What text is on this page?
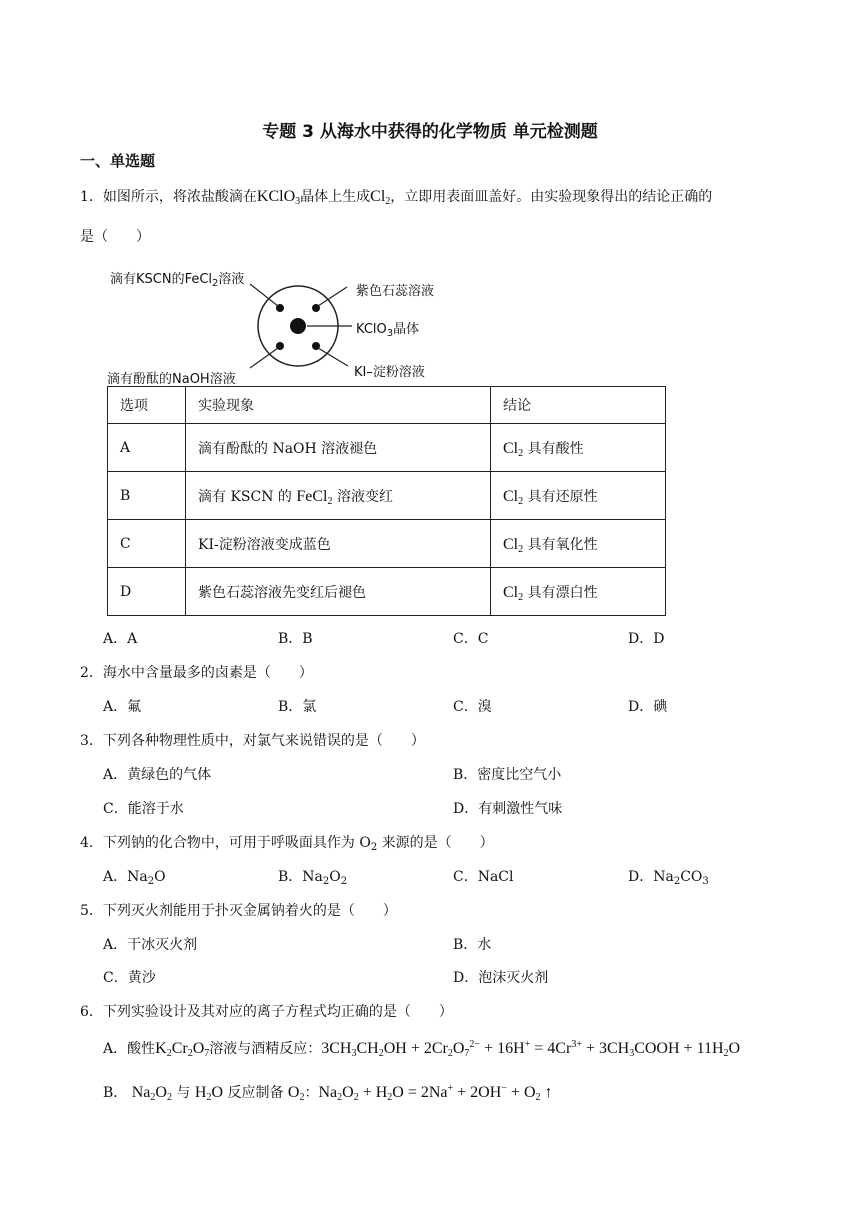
专题 3 从海水中获得的化学物质 单元检测题
一、单选题
1．如图所示，将浓盐酸滴在KClO$_3$晶体上生成$Cl_2$，立即用表面皿盖好。由实验现象得出的结论正确的
是（　　）
滴有KSCN的FeCl$_2$溶液
紫色石蕊溶液
KClO$_3$晶体
KI–淀粉溶液
滴有酚酞的NaOH溶液
选项	实验现象	结论
A	滴有酚酞的 NaOH 溶液褪色	$Cl_2$ 具有酸性
B	滴有 KSCN 的 FeCl$_2$ 溶液变红	$Cl_2$ 具有还原性
C	KI-淀粉溶液变成蓝色	$Cl_2$ 具有氧化性
D	紫色石蕊溶液先变红后褪色	$Cl_2$ 具有漂白性
A．A	B．B	C．C	D．D
2．海水中含量最多的卤素是（　　）
A．氟	B．氯	C．溴	D．碘
3．下列各种物理性质中，对氯气来说错误的是（　　）
A．黄绿色的气体	B．密度比空气小
C．能溶于水	D．有刺激性气味
4．下列钠的化合物中，可用于呼吸面具作为 $O_2$ 来源的是（　　）
A．$Na_2O$	B．$Na_2O_2$	C．NaCl	D．$Na_2CO_3$
5．下列灭火剂能用于扑灭金属钠着火的是（　　）
A．干冰灭火剂	B．水
C．黄沙	D．泡沫灭火剂
6．下列实验设计及其对应的离子方程式均正确的是（　　）
A．酸性$K_2Cr_2O_7$溶液与酒精反应：$3CH_3CH_2OH + 2Cr_2O_7^{2-} + 16H^+ = 4Cr^{3+}$ + $3CH_3COOH + 11H_2O$
B． $Na_2O_2$ 与 $H_2O$ 反应制备 $O_2$：$Na_2O_2 + H_2O = 2Na^+ + 2OH^- + O_2$ ↑
